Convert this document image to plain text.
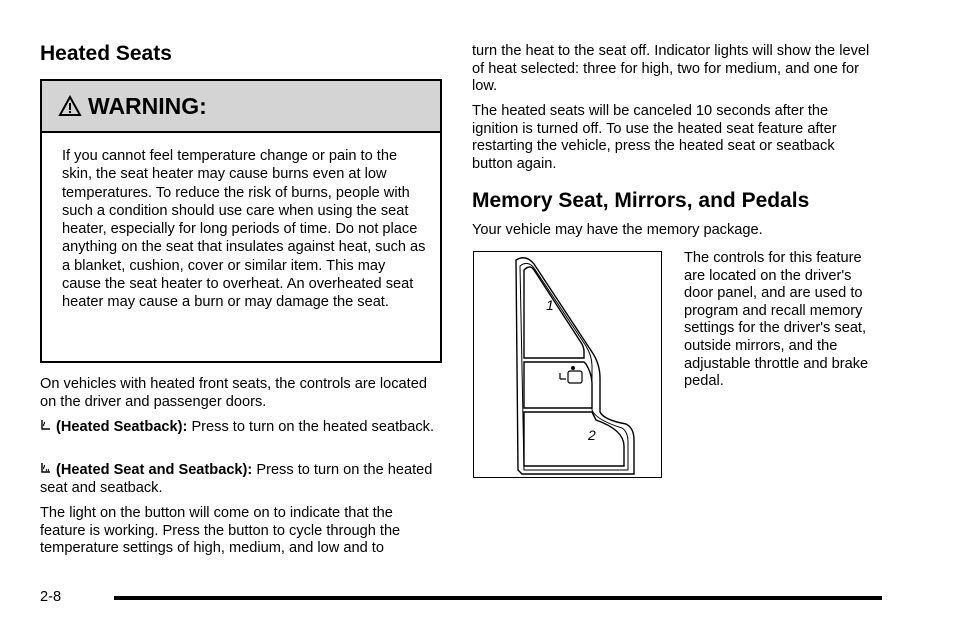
Heated Seats
WARNING:
If you cannot feel temperature change or pain to the skin, the seat heater may cause burns even at low temperatures. To reduce the risk of burns, people with such a condition should use care when using the seat heater, especially for long periods of time. Do not place anything on the seat that insulates against heat, such as a blanket, cushion, cover or similar item. This may cause the seat heater to overheat. An overheated seat heater may cause a burn or may damage the seat.

On vehicles with heated front seats, the controls are located on the driver and passenger doors.

(Heated Seatback): Press to turn on the heated seatback.

(Heated Seat and Seatback): Press to turn on the heated seat and seatback.

The light on the button will come on to indicate that the feature is working. Press the button to cycle through the temperature settings of high, medium, and low and to

turn the heat to the seat off. Indicator lights will show the level of heat selected: three for high, two for medium, and one for low.

The heated seats will be canceled 10 seconds after the ignition is turned off. To use the heated seat feature after restarting the vehicle, press the heated seat or seatback button again.

Memory Seat, Mirrors, and Pedals

Your vehicle may have the memory package.

1
2
The controls for this feature are located on the driver's door panel, and are used to program and recall memory settings for the driver's seat, outside mirrors, and the adjustable throttle and brake pedal.
2-8
